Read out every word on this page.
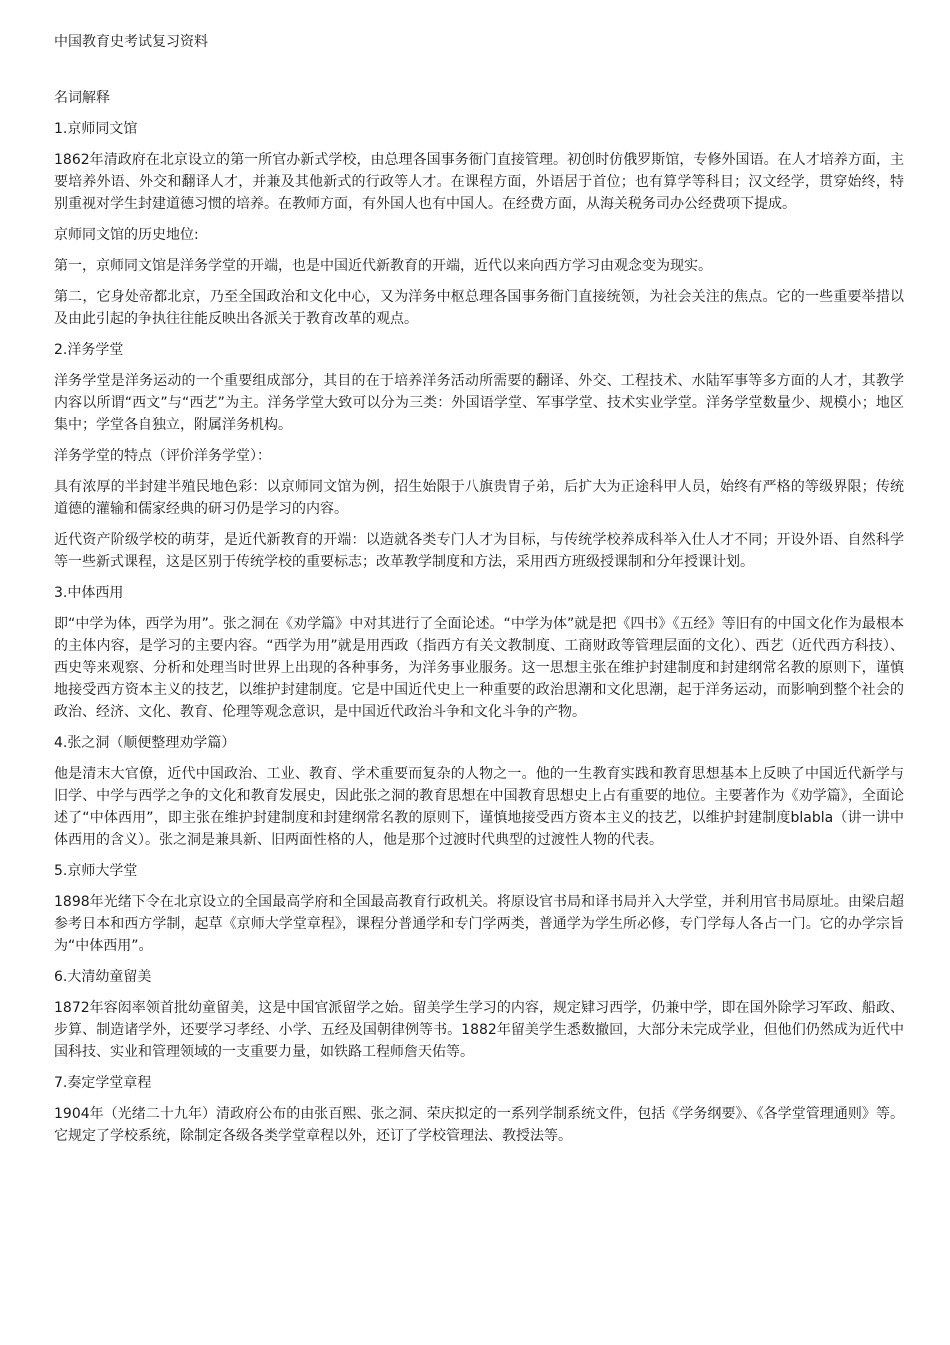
中国教育史考试复习资料
名词解释
1.京师同文馆
1862年清政府在北京设立的第一所官办新式学校，由总理各国事务衙门直接管理。初创时仿俄罗斯馆，专修外国语。在人才培养方面，主要培养外语、外交和翻译人才，并兼及其他新式的行政等人才。在课程方面，外语居于首位；也有算学等科目；汉文经学，贯穿始终，特别重视对学生封建道德习惯的培养。在教师方面，有外国人也有中国人。在经费方面，从海关税务司办公经费项下提成。
京师同文馆的历史地位:
第一，京师同文馆是洋务学堂的开端，也是中国近代新教育的开端，近代以来向西方学习由观念变为现实。
第二，它身处帝都北京，乃至全国政治和文化中心，又为洋务中枢总理各国事务衙门直接统领，为社会关注的焦点。它的一些重要举措以及由此引起的争执往往能反映出各派关于教育改革的观点。
2.洋务学堂
洋务学堂是洋务运动的一个重要组成部分，其目的在于培养洋务活动所需要的翻译、外交、工程技术、水陆军事等多方面的人才，其教学内容以所谓“西文”与“西艺”为主。洋务学堂大致可以分为三类：外国语学堂、军事学堂、技术实业学堂。洋务学堂数量少、规模小；地区集中；学堂各自独立，附属洋务机构。
洋务学堂的特点（评价洋务学堂）：
具有浓厚的半封建半殖民地色彩：以京师同文馆为例，招生始限于八旗贵胄子弟，后扩大为正途科甲人员，始终有严格的等级界限；传统道德的灌输和儒家经典的研习仍是学习的内容。
近代资产阶级学校的萌芽，是近代新教育的开端：以造就各类专门人才为目标，与传统学校养成科举入仕人才不同；开设外语、自然科学等一些新式课程，这是区别于传统学校的重要标志；改革教学制度和方法，采用西方班级授课制和分年授课计划。
3.中体西用
即“中学为体，西学为用”。张之洞在《劝学篇》中对其进行了全面论述。“中学为体”就是把《四书》《五经》等旧有的中国文化作为最根本的主体内容，是学习的主要内容。“西学为用”就是用西政（指西方有关文教制度、工商财政等管理层面的文化）、西艺（近代西方科技）、西史等来观察、分析和处理当时世界上出现的各种事务，为洋务事业服务。这一思想主张在维护封建制度和封建纲常名教的原则下，谨慎地接受西方资本主义的技艺，以维护封建制度。它是中国近代史上一种重要的政治思潮和文化思潮，起于洋务运动，而影响到整个社会的政治、经济、文化、教育、伦理等观念意识，是中国近代政治斗争和文化斗争的产物。
4.张之洞（顺便整理劝学篇）
他是清末大官僚，近代中国政治、工业、教育、学术重要而复杂的人物之一。他的一生教育实践和教育思想基本上反映了中国近代新学与旧学、中学与西学之争的文化和教育发展史，因此张之洞的教育思想在中国教育思想史上占有重要的地位。主要著作为《劝学篇》，全面论述了“中体西用”，即主张在维护封建制度和封建纲常名教的原则下，谨慎地接受西方资本主义的技艺，以维护封建制度blabla（讲一讲中体西用的含义）。张之洞是兼具新、旧两面性格的人，他是那个过渡时代典型的过渡性人物的代表。
5.京师大学堂
1898年光绪下令在北京设立的全国最高学府和全国最高教育行政机关。将原设官书局和译书局并入大学堂，并利用官书局原址。由梁启超参考日本和西方学制，起草《京师大学堂章程》，课程分普通学和专门学两类，普通学为学生所必修，专门学每人各占一门。它的办学宗旨为“中体西用”。
6.大清幼童留美
1872年容闳率领首批幼童留美，这是中国官派留学之始。留美学生学习的内容，规定肄习西学，仍兼中学，即在国外除学习军政、船政、步算、制造诸学外，还要学习孝经、小学、五经及国朝律例等书。1882年留美学生悉数撤回，大部分未完成学业，但他们仍然成为近代中国科技、实业和管理领域的一支重要力量，如铁路工程师詹天佑等。
7.奏定学堂章程
1904年（光绪二十九年）清政府公布的由张百熙、张之洞、荣庆拟定的一系列学制系统文件，包括《学务纲要》、《各学堂管理通则》等。它规定了学校系统，除制定各级各类学堂章程以外，还订了学校管理法、教授法等。
